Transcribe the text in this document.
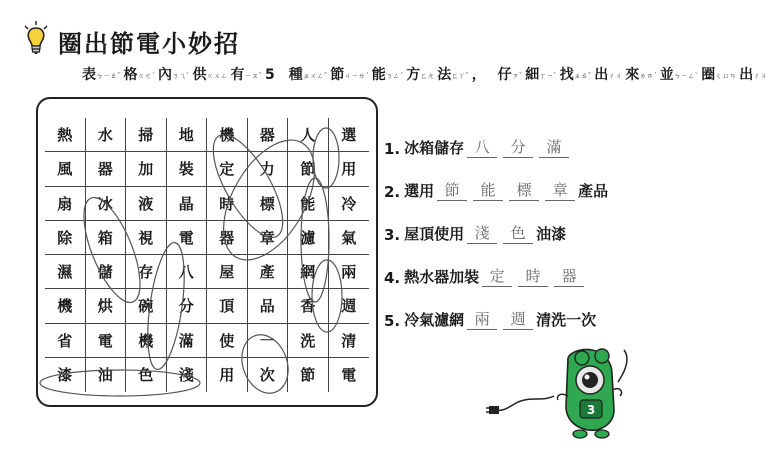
圈出節電小妙招
表ㄅㄧㄠˇ 格ㄍㄜˊ 內ㄋㄟˋ 供ㄍㄨㄥ 有ㄧㄡˇ 5 種ㄓㄨㄥˇ 節ㄐㄧㄝˊ 能ㄋㄥˊ 方ㄈㄤ 法ㄈㄚˇ ， 仔ㄗˇ 細ㄒㄧˋ 找ㄓㄠˇ 出ㄔㄨ 來ㄌㄞˊ 並ㄅㄧㄥˋ 圈ㄑㄩㄢ 出ㄔㄨ
熱	水	掃	地	機	器	人	選
風	器	加	裝	定	力	節	用
扇	冰	液	晶	時	標	能	冷
除	箱	視	電	器	章	濾	氣
濕	儲	存	八	屋	產	網	兩
機	烘	碗	分	頂	品	香	週
省	電	機	滿	使	一	洗	清
漆	油	色	淺	用	次	節	電
1. 冰箱儲存 八	分	滿
2. 選用 節	能	標	章 產品
3. 屋頂使用 淺	色 油漆
4. 熱水器加裝 定	時	器
5. 冷氣濾網 兩	週 清洗一次
3
